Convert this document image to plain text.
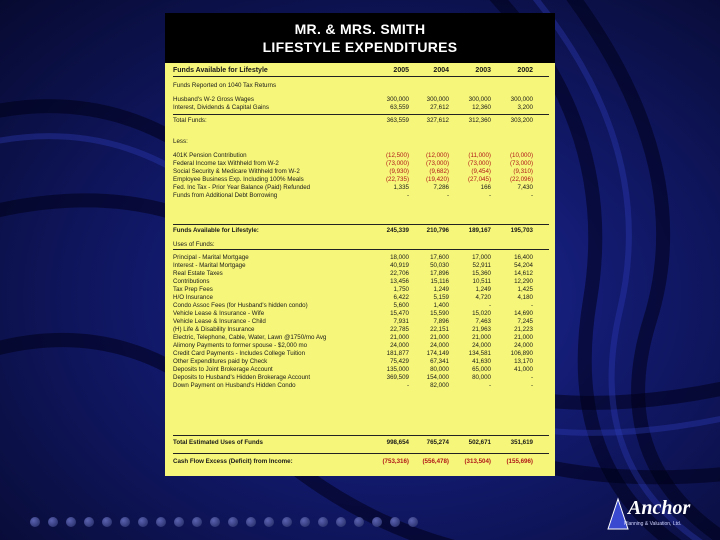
Anchor
Planning & Valuation, Ltd.
MR. & MRS. SMITH
LIFESTYLE EXPENDITURES
Funds Available for Lifestyle	2005	2004	2003	2002
Funds Reported on 1040 Tax Returns
Husband's W-2 Gross Wages	300,000	300,000	300,000	300,000
Interest, Dividends & Capital Gains	63,559	27,612	12,360	3,200
Total Funds:	363,559	327,612	312,360	303,200
Less:
401K Pension Contribution	(12,500)	(12,000)	(11,000)	(10,000)
Federal Income tax Withheld from W-2	(73,000)	(73,000)	(73,000)	(73,000)
Social Security & Medicare Withheld from W-2	(9,930)	(9,682)	(9,454)	(9,310)
Employee Business Exp. Including 100% Meals	(22,735)	(19,420)	(27,045)	(22,096)
Fed. Inc Tax - Prior Year Balance (Paid) Refunded	1,335	7,286	166	7,430
Funds from Additional Debt Borrowing	-	-	-	-
Funds Available for Lifestyle:	245,339	210,796	189,167	195,703
Uses of Funds:
Principal - Marital Mortgage	18,000	17,600	17,000	16,400
Interest - Marital Mortgage	40,919	50,030	52,911	54,204
Real Estate Taxes	22,706	17,896	15,360	14,612
Contributions	13,456	15,116	10,511	12,290
Tax Prep Fees	1,750	1,249	1,249	1,425
H/O Insurance	6,422	5,159	4,720	4,180
Condo Assoc Fees (for Husband's hidden condo)	5,600	1,400	-	-
Vehicle Lease & Insurance - Wife	15,470	15,590	15,020	14,690
Vehicle Lease & Insurance - Child	7,931	7,896	7,463	7,245
(H) Life & Disability Insurance	22,785	22,151	21,963	21,223
Electric, Telephone, Cable, Water, Lawn @1750/mo Avg	21,000	21,000	21,000	21,000
Alimony Payments to former spouse - $2,000 mo	24,000	24,000	24,000	24,000
Credit Card Payments - Includes College Tuition	181,877	174,149	134,581	106,890
Other Expenditures paid by Check	75,429	67,341	41,630	13,170
Deposits to Joint Brokerage Account	135,000	80,000	65,000	41,000
Deposits to Husband's Hidden Brokerage Account	369,509	154,000	80,000	-
Down Payment on Husband's Hidden Condo	-	82,000	-	-
Total Estimated Uses of Funds	998,654	765,274	502,671	351,619
Cash Flow Excess (Deficit) from Income:	(753,316)	(556,478)	(313,504)	(155,696)
